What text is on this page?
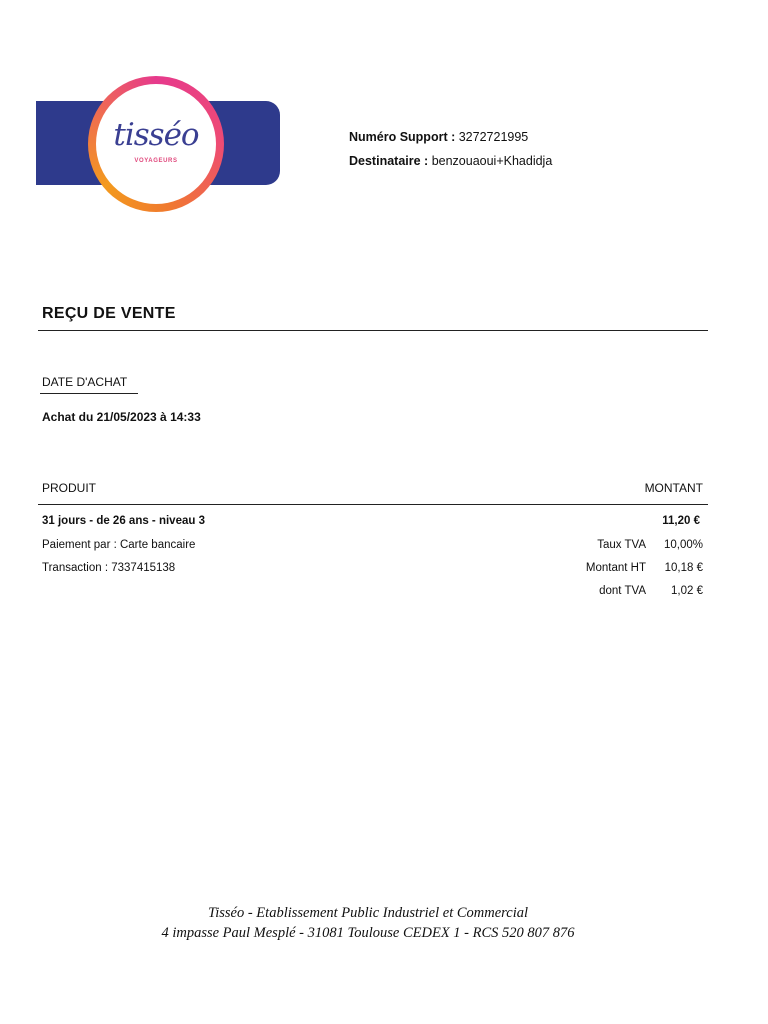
tisséo
VOYAGEURS
Numéro Support : 3272721995
Destinataire : benzouaoui+Khadidja
REÇU DE VENTE
DATE D'ACHAT
Achat du 21/05/2023 à 14:33
PRODUIT	MONTANT
31 jours - de 26 ans - niveau 3	11,20 €
Paiement par : Carte bancaire
Transaction : 7337415138
Taux TVA 10,00%
Montant HT 10,18 €
dont TVA 1,02 €
Tisséo - Etablissement Public Industriel et Commercial
4 impasse Paul Mesplé - 31081 Toulouse CEDEX 1 - RCS 520 807 876
